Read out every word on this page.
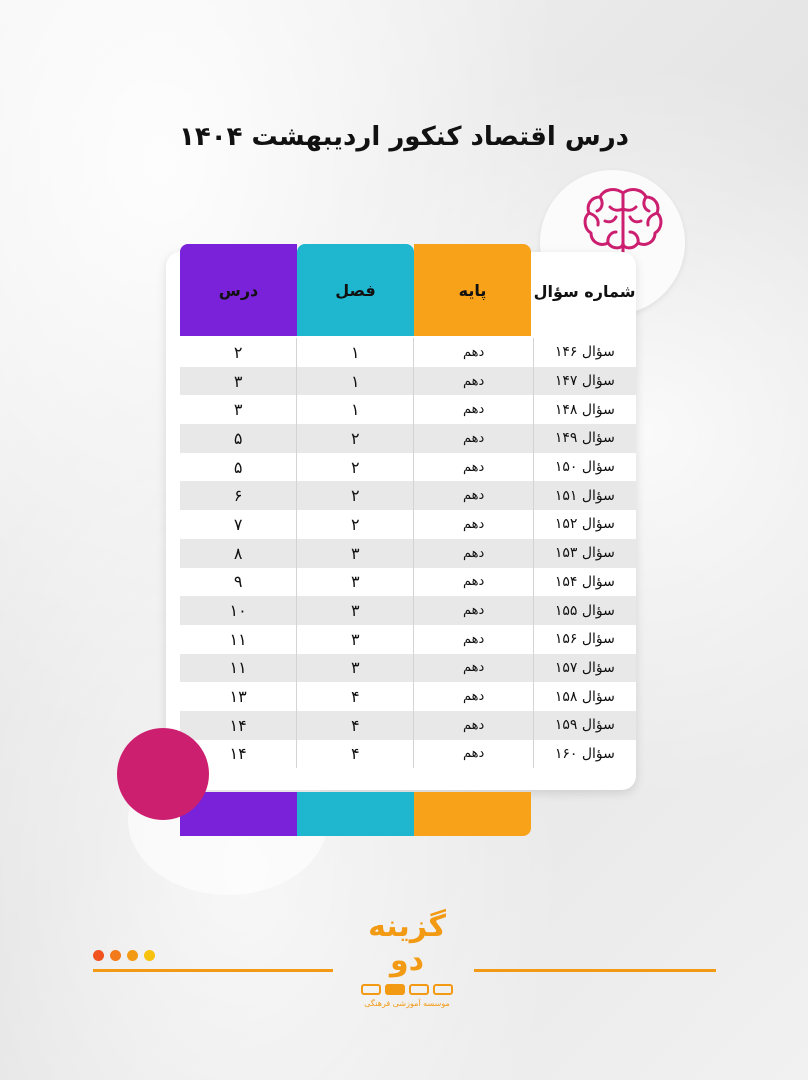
درس اقتصاد کنکور اردیبهشت ۱۴۰۴
درس	فصل	پایه	شماره سؤال
۲	۱	دهم	سؤال ۱۴۶
۳	۱	دهم	سؤال ۱۴۷
۳	۱	دهم	سؤال ۱۴۸
۵	۲	دهم	سؤال ۱۴۹
۵	۲	دهم	سؤال ۱۵۰
۶	۲	دهم	سؤال ۱۵۱
۷	۲	دهم	سؤال ۱۵۲
۸	۳	دهم	سؤال ۱۵۳
۹	۳	دهم	سؤال ۱۵۴
۱۰	۳	دهم	سؤال ۱۵۵
۱۱	۳	دهم	سؤال ۱۵۶
۱۱	۳	دهم	سؤال ۱۵۷
۱۳	۴	دهم	سؤال ۱۵۸
۱۴	۴	دهم	سؤال ۱۵۹
۱۴	۴	دهم	سؤال ۱۶۰
گزینه دو
موسسه آموزشی فرهنگی
